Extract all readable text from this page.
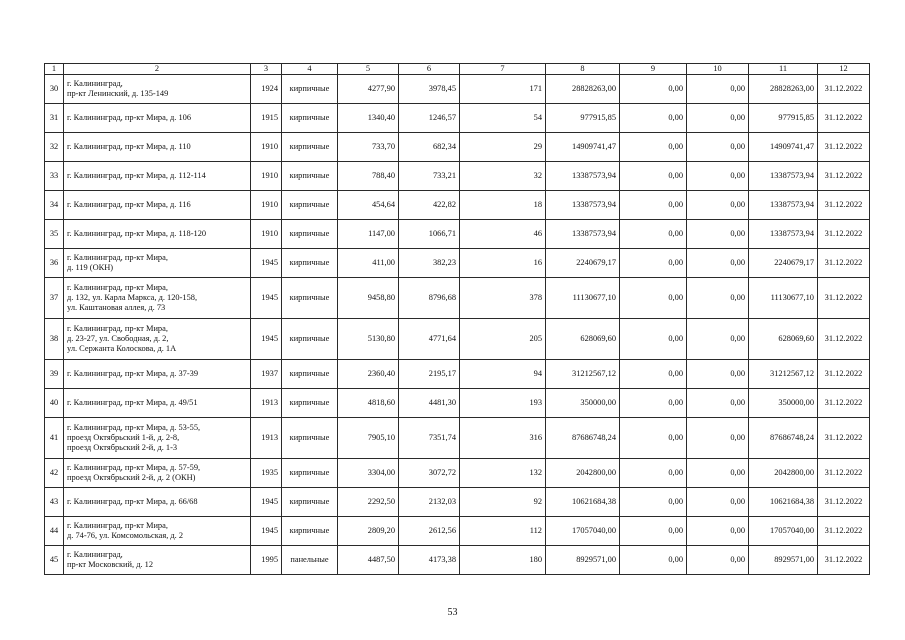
1	2	3	4	5	6	7	8	9	10	11	12
30	г. Калининград,
пр-кт Ленинский, д. 135-149	1924	кирпичные	4277,90	3978,45	171	28828263,00	0,00	0,00	28828263,00	31.12.2022
31	г. Калининград, пр-кт Мира, д. 106	1915	кирпичные	1340,40	1246,57	54	977915,85	0,00	0,00	977915,85	31.12.2022
32	г. Калининград, пр-кт Мира, д. 110	1910	кирпичные	733,70	682,34	29	14909741,47	0,00	0,00	14909741,47	31.12.2022
33	г. Калининград, пр-кт Мира, д. 112-114	1910	кирпичные	788,40	733,21	32	13387573,94	0,00	0,00	13387573,94	31.12.2022
34	г. Калининград, пр-кт Мира, д. 116	1910	кирпичные	454,64	422,82	18	13387573,94	0,00	0,00	13387573,94	31.12.2022
35	г. Калининград, пр-кт Мира, д. 118-120	1910	кирпичные	1147,00	1066,71	46	13387573,94	0,00	0,00	13387573,94	31.12.2022
36	г. Калининград, пр-кт Мира,
д. 119 (ОКН)	1945	кирпичные	411,00	382,23	16	2240679,17	0,00	0,00	2240679,17	31.12.2022
37	г. Калининград, пр-кт Мира,
д. 132, ул. Карла Маркса, д. 120-158,
ул. Каштановая аллея, д. 73	1945	кирпичные	9458,80	8796,68	378	11130677,10	0,00	0,00	11130677,10	31.12.2022
38	г. Калининград, пр-кт Мира,
д. 23-27, ул. Свободная, д. 2,
ул. Сержанта Колоскова, д. 1А	1945	кирпичные	5130,80	4771,64	205	628069,60	0,00	0,00	628069,60	31.12.2022
39	г. Калининград, пр-кт Мира, д. 37-39	1937	кирпичные	2360,40	2195,17	94	31212567,12	0,00	0,00	31212567,12	31.12.2022
40	г. Калининград, пр-кт Мира, д. 49/51	1913	кирпичные	4818,60	4481,30	193	350000,00	0,00	0,00	350000,00	31.12.2022
41	г. Калининград, пр-кт Мира, д. 53-55,
проезд Октябрьский 1-й, д. 2-8,
проезд Октябрьский 2-й, д. 1-3	1913	кирпичные	7905,10	7351,74	316	87686748,24	0,00	0,00	87686748,24	31.12.2022
42	г. Калининград, пр-кт Мира, д. 57-59,
проезд Октябрьский 2-й, д. 2 (ОКН)	1935	кирпичные	3304,00	3072,72	132	2042800,00	0,00	0,00	2042800,00	31.12.2022
43	г. Калининград, пр-кт Мира, д. 66/68	1945	кирпичные	2292,50	2132,03	92	10621684,38	0,00	0,00	10621684,38	31.12.2022
44	г. Калининград, пр-кт Мира,
д. 74-76, ул. Комсомольская, д. 2	1945	кирпичные	2809,20	2612,56	112	17057040,00	0,00	0,00	17057040,00	31.12.2022
45	г. Калининград,
пр-кт Московский, д. 12	1995	панельные	4487,50	4173,38	180	8929571,00	0,00	0,00	8929571,00	31.12.2022
53
